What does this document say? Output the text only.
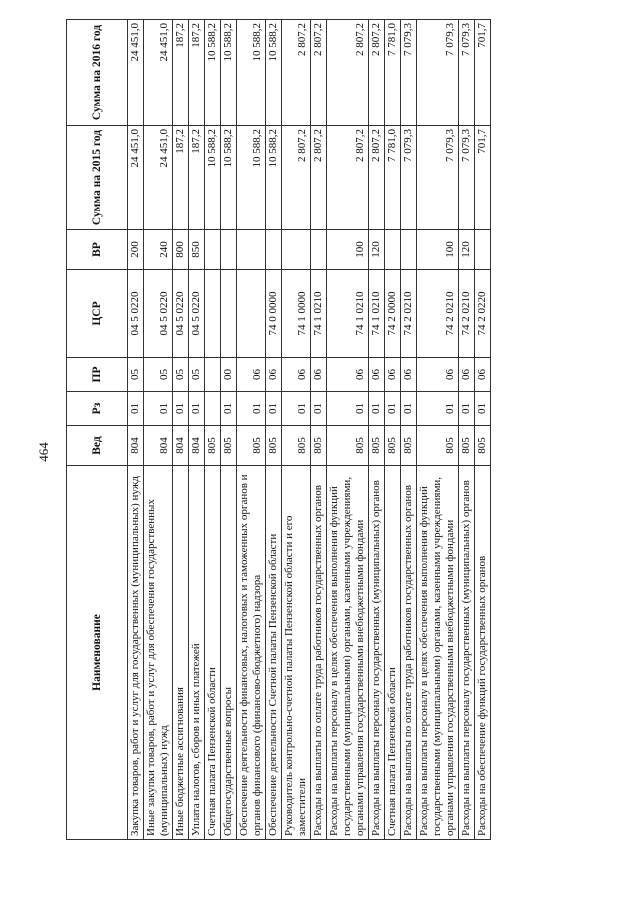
464
Наименование	Вед	Рз	ПР	ЦСР	ВР	Сумма на 2015 год	Сумма на 2016 год
Закупка товаров, работ и услуг для государственных (муниципальных) нужд	804	01	05	04 5 0220	200	24 451,0	24 451,0
Иные закупки товаров, работ и услуг для обеспечения государственных (муниципальных) нужд	804	01	05	04 5 0220	240	24 451,0	24 451,0
Иные бюджетные ассигнования	804	01	05	04 5 0220	800	187,2	187,2
Уплата налогов, сборов и иных платежей	804	01	05	04 5 0220	850	187,2	187,2
Счетная палата Пензенской области	805					10 588,2	10 588,2
Общегосударственные вопросы	805	01	00			10 588,2	10 588,2
Обеспечение деятельности финансовых, налоговых и таможенных органов и органов финансового (финансово-бюджетного) надзора	805	01	06			10 588,2	10 588,2
Обеспечение деятельности Счетной палаты Пензенской области	805	01	06	74 0 0000		10 588,2	10 588,2
Руководитель контрольно-счетной палаты Пензенской области и его заместители	805	01	06	74 1 0000		2 807,2	2 807,2
Расходы на выплаты по оплате труда работников государственных органов	805	01	06	74 1 0210		2 807,2	2 807,2
Расходы на выплаты персоналу в целях обеспечения выполнения функций государственными (муниципальными) органами, казенными учреждениями, органами управления государственными внебюджетными фондами	805	01	06	74 1 0210	100	2 807,2	2 807,2
Расходы на выплаты персоналу государственных (муниципальных) органов	805	01	06	74 1 0210	120	2 807,2	2 807,2
Счетная палата Пензенской области	805	01	06	74 2 0000		7 781,0	7 781,0
Расходы на выплаты по оплате труда работников государственных органов	805	01	06	74 2 0210		7 079,3	7 079,3
Расходы на выплаты персоналу в целях обеспечения выполнения функций государственными (муниципальными) органами, казенными учреждениями, органами управления государственными внебюджетными фондами	805	01	06	74 2 0210	100	7 079,3	7 079,3
Расходы на выплаты персоналу государственных (муниципальных) органов	805	01	06	74 2 0210	120	7 079,3	7 079,3
Расходы на обеспечение функций государственных органов	805	01	06	74 2 0220		701,7	701,7
